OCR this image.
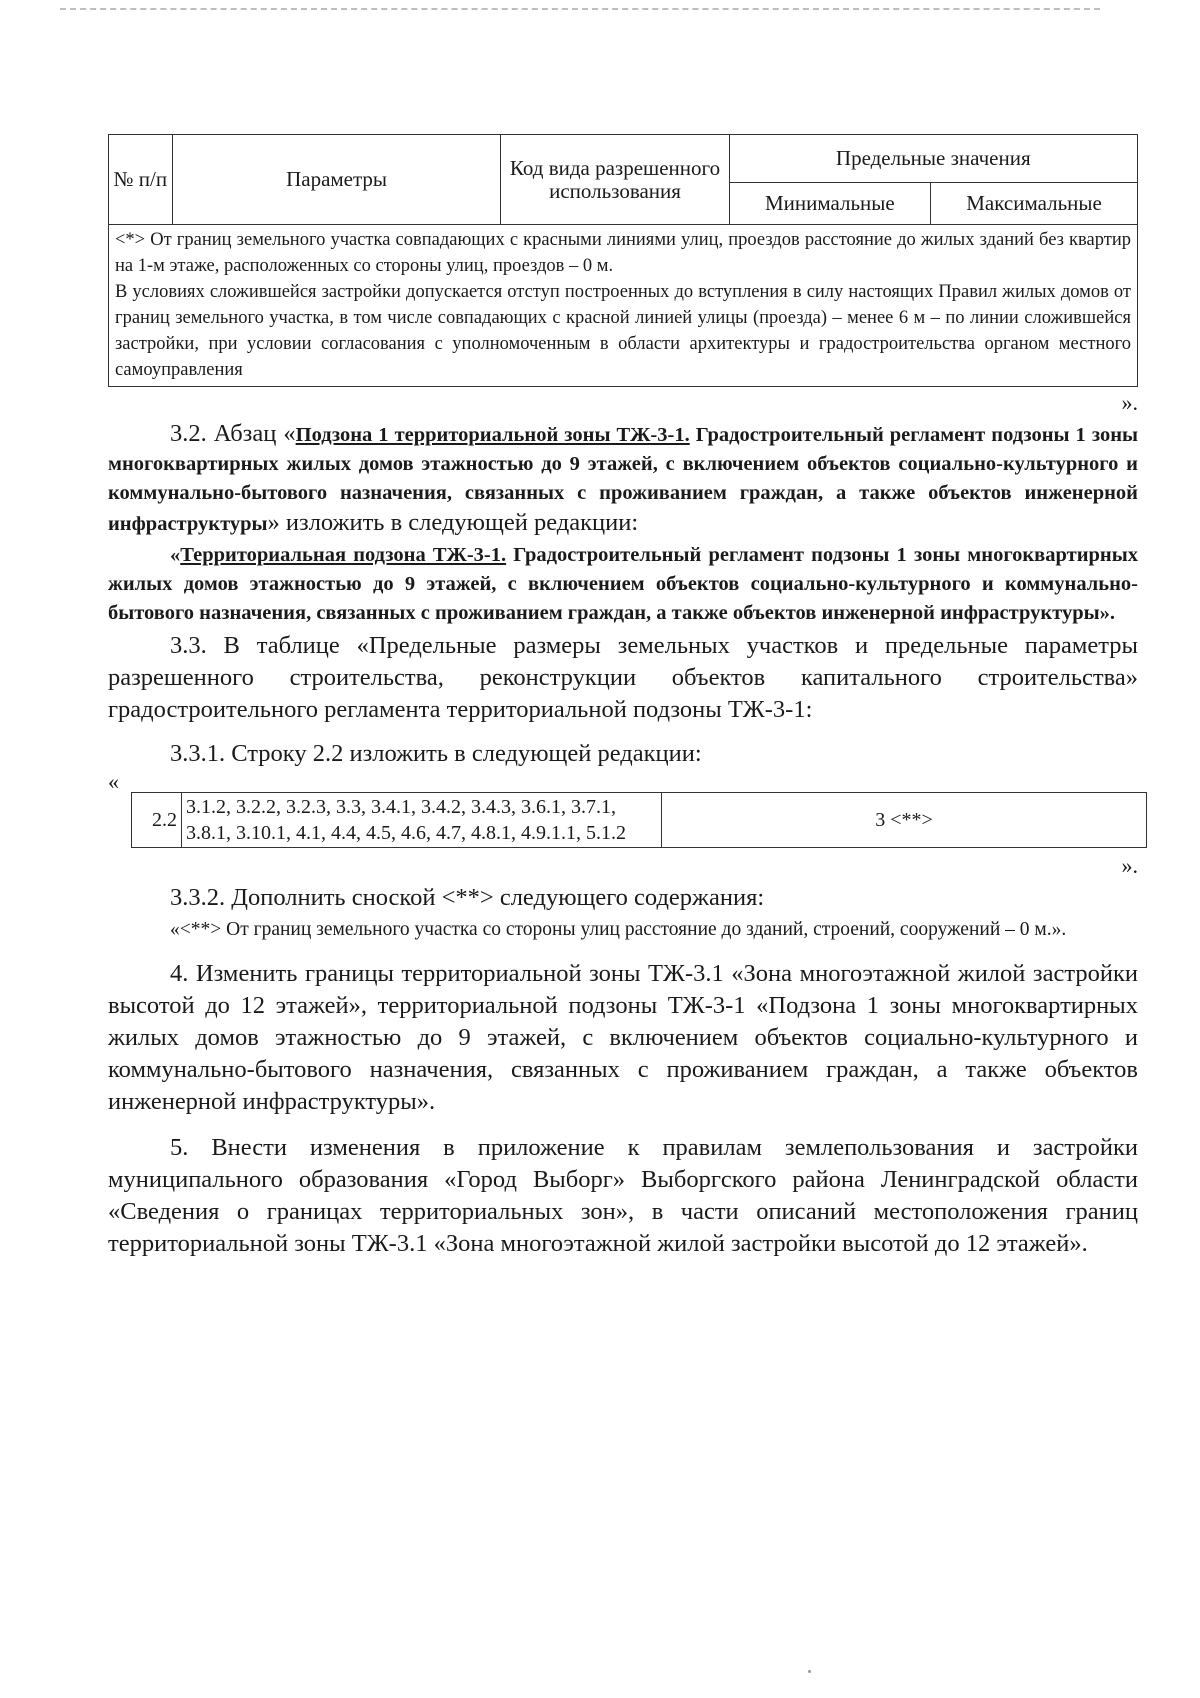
№ п/п	Параметры	Код вида разрешенного использования	Предельные значения	
			Минимальные	Максимальные

<*> От границ земельного участка совпадающих с красными линиями улиц, проездов расстояние до жилых зданий без квартир на 1-м этаже, расположенных со стороны улиц, проездов – 0 м.

В условиях сложившейся застройки допускается отступ построенных до вступления в силу настоящих Правил жилых домов от границ земельного участка, в том числе совпадающих с красной линией улицы (проезда) – менее 6 м – по линии сложившейся застройки, при условии согласования с уполномоченным в области архитектуры и градостроительства органом местного самоуправления				

».

3.2. Абзац «Подзона 1 территориальной зоны ТЖ-3-1. Градостроительный регламент подзоны 1 зоны многоквартирных жилых домов этажностью до 9 этажей, с включением объектов социально-культурного и коммунально-бытового назначения, связанных с проживанием граждан, а также объектов инженерной инфраструктуры» изложить в следующей редакции:

«Территориальная подзона ТЖ-3-1. Градостроительный регламент подзоны 1 зоны многоквартирных жилых домов этажностью до 9 этажей, с включением объектов социально-культурного и коммунально-бытового назначения, связанных с проживанием граждан, а также объектов инженерной инфраструктуры».

3.3. В таблице «Предельные размеры земельных участков и предельные параметры разрешенного строительства, реконструкции объектов капитального строительства» градостроительного регламента территориальной подзоны ТЖ-3-1:

3.3.1. Строку 2.2 изложить в следующей редакции:

«
2.2	3.1.2, 3.2.2, 3.2.3, 3.3, 3.4.1, 3.4.2, 3.4.3, 3.6.1, 3.7.1, 3.8.1, 3.10.1, 4.1, 4.4, 4.5, 4.6, 4.7, 4.8.1, 4.9.1.1, 5.1.2	3 <**>
».

3.3.2. Дополнить сноской <**> следующего содержания:

«<**> От границ земельного участка со стороны улиц расстояние до зданий, строений, сооружений – 0 м.».

4. Изменить границы территориальной зоны ТЖ-3.1 «Зона многоэтажной жилой застройки высотой до 12 этажей», территориальной подзоны ТЖ-3-1 «Подзона 1 зоны многоквартирных жилых домов этажностью до 9 этажей, с включением объектов социально-культурного и коммунально-бытового назначения, связанных с проживанием граждан, а также объектов инженерной инфраструктуры».

5. Внести изменения в приложение к правилам землепользования и застройки муниципального образования «Город Выборг» Выборгского района Ленинградской области «Сведения о границах территориальных зон», в части описаний местоположения границ территориальной зоны ТЖ-3.1 «Зона многоэтажной жилой застройки высотой до 12 этажей».
